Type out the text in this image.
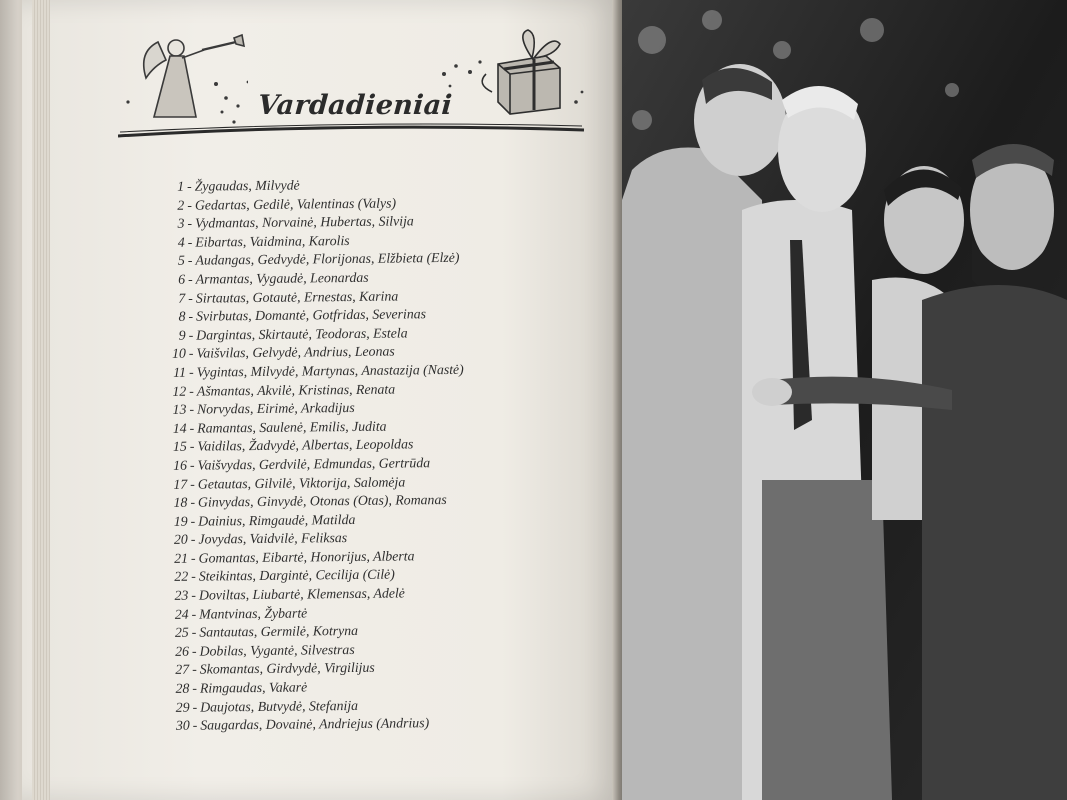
Vardadieniai
1 - Žygaudas, Milvydė
2 - Gedartas, Gedilė, Valentinas (Valys)
3 - Vydmantas, Norvainė, Hubertas, Silvija
4 - Eibartas, Vaidmina, Karolis
5 - Audangas, Gedvydė, Florijonas, Elžbieta (Elzė)
6 - Armantas, Vygaudė, Leonardas
7 - Sirtautas, Gotautė, Ernestas, Karina
8 - Svirbutas, Domantė, Gotfridas, Severinas
9 - Dargintas, Skirtautė, Teodoras, Estela
10 - Vaišvilas, Gelvydė, Andrius, Leonas
11 - Vygintas, Milvydė, Martynas, Anastazija (Nastė)
12 - Ašmantas, Akvilė, Kristinas, Renata
13 - Norvydas, Eirimė, Arkadijus
14 - Ramantas, Saulenė, Emilis, Judita
15 - Vaidilas, Žadvydė, Albertas, Leopoldas
16 - Vaišvydas, Gerdvilė, Edmundas, Gertrūda
17 - Getautas, Gilvilė, Viktorija, Salomėja
18 - Ginvydas, Ginvydė, Otonas (Otas), Romanas
19 - Dainius, Rimgaudė, Matilda
20 - Jovydas, Vaidvilė, Feliksas
21 - Gomantas, Eibartė, Honorijus, Alberta
22 - Steikintas, Dargintė, Cecilija (Cilė)
23 - Doviltas, Liubartė, Klemensas, Adelė
24 - Mantvinas, Žybartė
25 - Santautas, Germilė, Kotryna
26 - Dobilas, Vygantė, Silvestras
27 - Skomantas, Girdvydė, Virgilijus
28 - Rimgaudas, Vakarė
29 - Daujotas, Butvydė, Stefanija
30 - Saugardas, Dovainė, Andriejus (Andrius)
